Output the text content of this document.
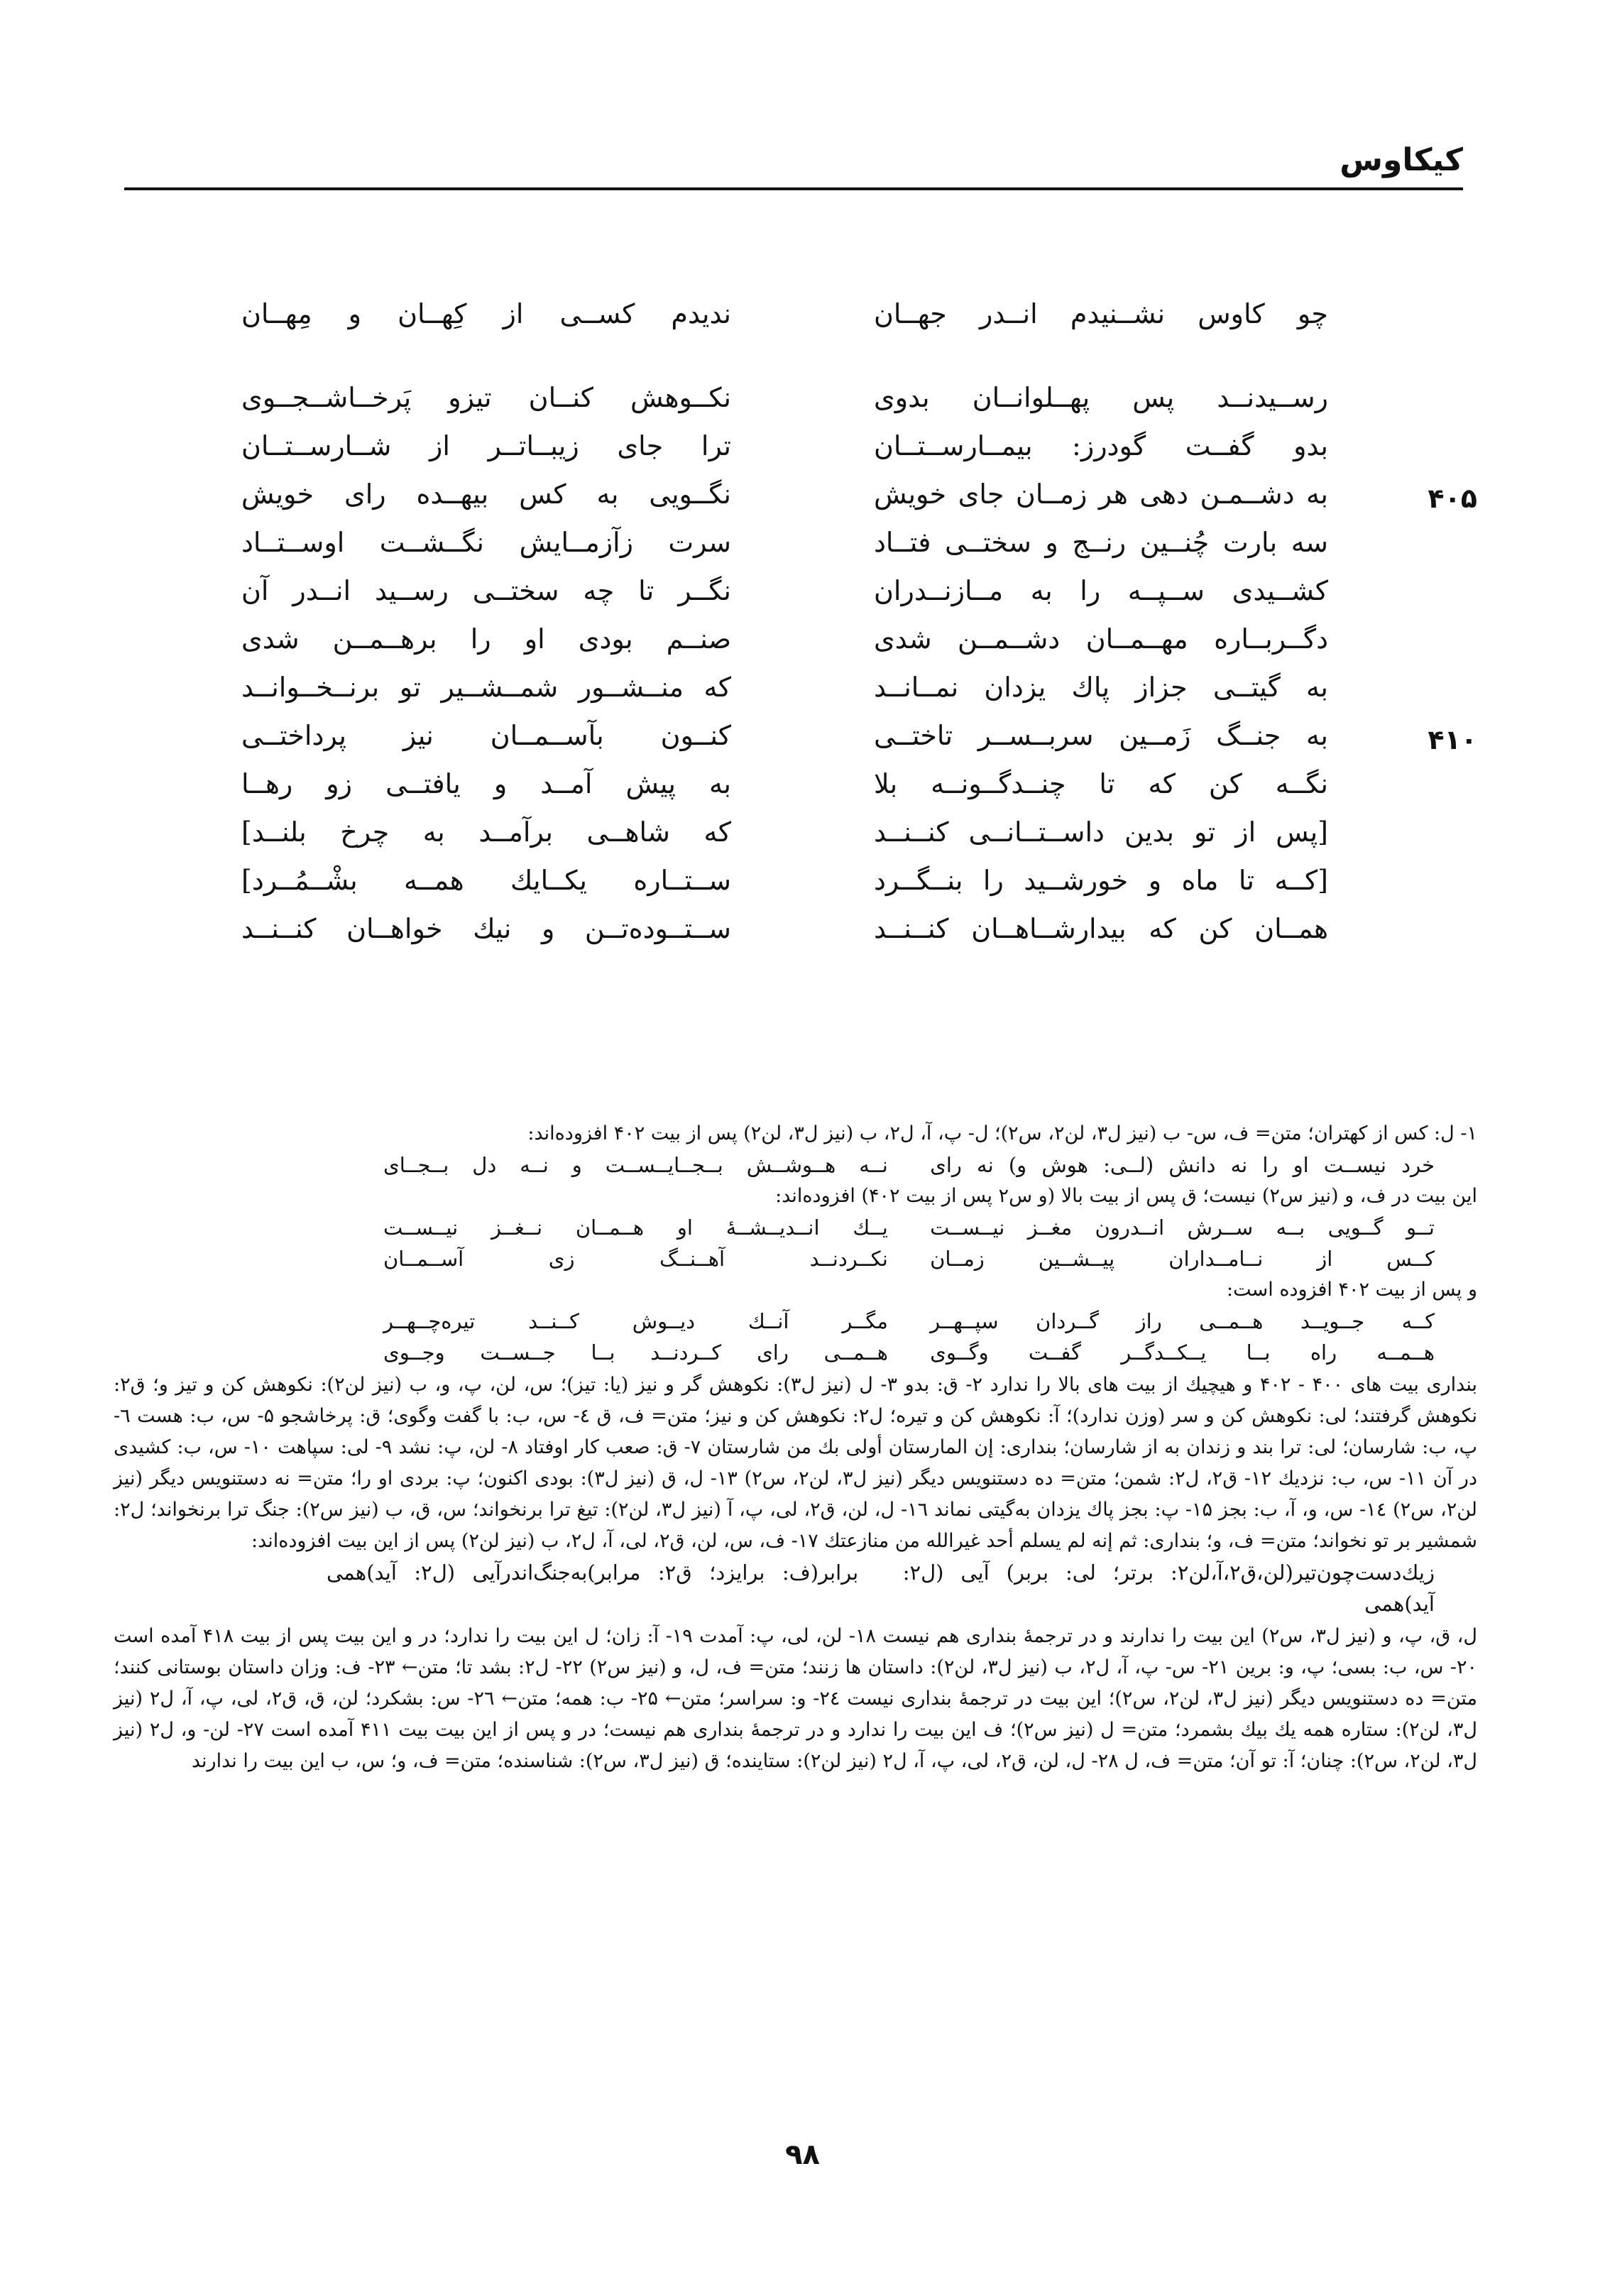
کیکاوس
چو کاوس نشــنیدم انــدر جهــان
ندیدم کســی از کِهــان و مِهــان
رســیدنــد پس پهــلوانــان بدوی
نکــوهش کنــان تیزو پَرخــاشــجــوی
بدو گفــت گودرز: بیمــارســتــان
ترا جای زیبــاتــر از شــارســتــان
۴۰۵
به دشــمـن دهی هر زمــان جای خویش
نگــویی به کس بیهــده رای خویش
سه بارت چُنــین رنــج و سختــی فتــاد
سرت زآزمــایش نگــشــت اوســتــاد
کشــیدی ســپــه را به مــازنــدران
نگــر تا چه سختــی رســید انــدر آن
دگــربــاره مهــمــان دشــمــن شدی
صنــم بودی او را برهــمــن شدی
به گیتــی جزاز پاك یزدان نمــانــد
که منــشــور شمــشــیر تو برنــخــوانــد
۴۱۰
به جنــگ زَمــین سربــســر تاختــی
کنــون بآســمــان نیز پرداختــی
نگــه کن که تا چنــدگــونــه بلا
به پیش آمــد و یافتــی زو رهــا
[پس از تو بدین داســتــانــی کنــنــد
که شاهــی برآمــد به چرخ بلنــد]
[کــه تا ماه و خورشــید را بنــگــرد
ســتــاره یکــایك همــه بشْــمُــرد]
همــان کن که بیدارشــاهــان کنــنــد
ســتــوده‌تــن و نیك خواهــان کنــنــد
۱- ل: کس از کهتران؛ متن= ف، س- ب (نیز ل۳، لن۲، س۲)؛ ل- پ، آ، ل۲، ب (نیز ل۳، لن۲) پس از بیت ۴۰۲ افزوده‌اند:
خرد نیســت او را نه دانش (لــی: هوش و) نه رای
نــه هــوشــش بــجــایــســت و نــه دل بــجــای
این بیت در ف، و (نیز س۲) نیست؛ ق پس از بیت بالا (و س۲ پس از بیت ۴۰۲) افزوده‌اند:
تــو گــویی بــه ســرش انــدرون مغــز نیــســت
یــك انــدیــشــهٔ او هــمــان نــغــز نیــســت
کــس از نــامــداران پیــشــین زمــان
نکــردنــد آهــنــگ زی آســمــان
و پس از بیت ۴۰۲ افزوده است:
کــه جــویــد هــمــی راز گــردان سپــهــر
مگــر آنــك دیــوش کــنــد تیره‌چــهــر
هــمــه راه بــا یــکــدگــر گفــت وگــوی
هــمــی رای کــردنــد بــا جــســت وجــوی
بنداری بیت های ۴۰۰ - ۴۰۲ و هیچیك از بیت های بالا را ندارد ۲- ق: بدو ۳- ل (نیز ل۳): نکوهش گر و نیز (یا: تیز)؛ س، لن، پ، و، ب (نیز لن۲): نکوهش کن و تیز و؛ ق۲: نکوهش گرفتند؛ لی: نکوهش کن و سر (وزن ندارد)؛ آ: نکوهش کن و تیره؛ ل۲: نکوهش کن و نیز؛ متن= ف، ق ٤- س، ب: با گفت وگوی؛ ق: پرخاشجو ۵- س، ب: هست ٦- پ، ب: شارسان؛ لی: ترا بند و زندان به از شارسان؛ بنداری: إن المارستان أولی بك من شارستان ۷- ق: صعب کار اوفتاد ۸- لن، پ: نشد ۹- لی: سپاهت ۱۰- س، ب: کشیدی در آن ۱۱- س، ب: نزدیك ۱۲- ق۲، ل۲: شمن؛ متن= ده دستنویس دیگر (نیز ل۳، لن۲، س۲) ۱۳- ل، ق (نیز ل۳): بودی اکنون؛ پ: بردی او را؛ متن= نه دستنویس دیگر (نیز لن۲، س۲) ١٤- س، و، آ، ب: بجز ۱۵- پ: بجز پاك یزدان به‌گیتی نماند ١٦- ل، لن، ق۲، لی، پ، آ (نیز ل۳، لن۲): تیغ ترا برنخواند؛ س، ق، ب (نیز س۲): جنگ ترا برنخواند؛ ل۲: شمشیر بر تو نخواند؛ متن= ف، و؛ بنداری: ثم إنه لم یسلم أحد غیرالله من منازعتك ۱۷- ف، س، لن، ق۲، لی، آ، ل۲، ب (نیز لن۲) پس از این بیت افزوده‌اند:
زیك‌دست‌چون‌تیر(لن،ق۲،آ،لن۲: برتر؛ لی: بربر) آیی (ل۲: آید)همی
برابر(ف: برایزد؛ ق۲: مرابر)به‌جنگ‌اندرآیی (ل۲: آید)همی
ل، ق، پ، و (نیز ل۳، س۲) این بیت را ندارند و در ترجمهٔ بنداری هم نیست ۱۸- لن، لی، پ: آمدت ۱۹- آ: زان؛ ل این بیت را ندارد؛ در و این بیت پس از بیت ۴۱۸ آمده است ۲۰- س، ب: بسی؛ پ، و: برین ۲۱- س- پ، آ، ل۲، ب (نیز ل۳، لن۲): داستان ها زنند؛ متن= ف، ل، و (نیز س۲) ۲۲- ل۲: بشد تا؛ متن← ۲۳- ف: وزان داستان بوستانی کنند؛ متن= ده دستنویس دیگر (نیز ل۳، لن۲، س۲)؛ این بیت در ترجمهٔ بنداری نیست ٢٤- و: سراسر؛ متن← ۲۵- ب: همه؛ متن← ٢٦- س: بشکرد؛ لن، ق، ق۲، لی، پ، آ، ل۲ (نیز ل۳، لن۲): ستاره همه یك بیك بشمرد؛ متن= ل (نیز س۲)؛ ف این بیت را ندارد و در ترجمهٔ بنداری هم نیست؛ در و پس از این بیت بیت ۴۱۱ آمده است ۲۷- لن- و، ل۲ (نیز ل۳، لن۲، س۲): چنان؛ آ: تو آن؛ متن= ف، ل ۲۸- ل، لن، ق۲، لی، پ، آ، ل۲ (نیز لن۲): ستاینده؛ ق (نیز ل۳، س۲): شناسنده؛ متن= ف، و؛ س، ب این بیت را ندارند
۹۸
